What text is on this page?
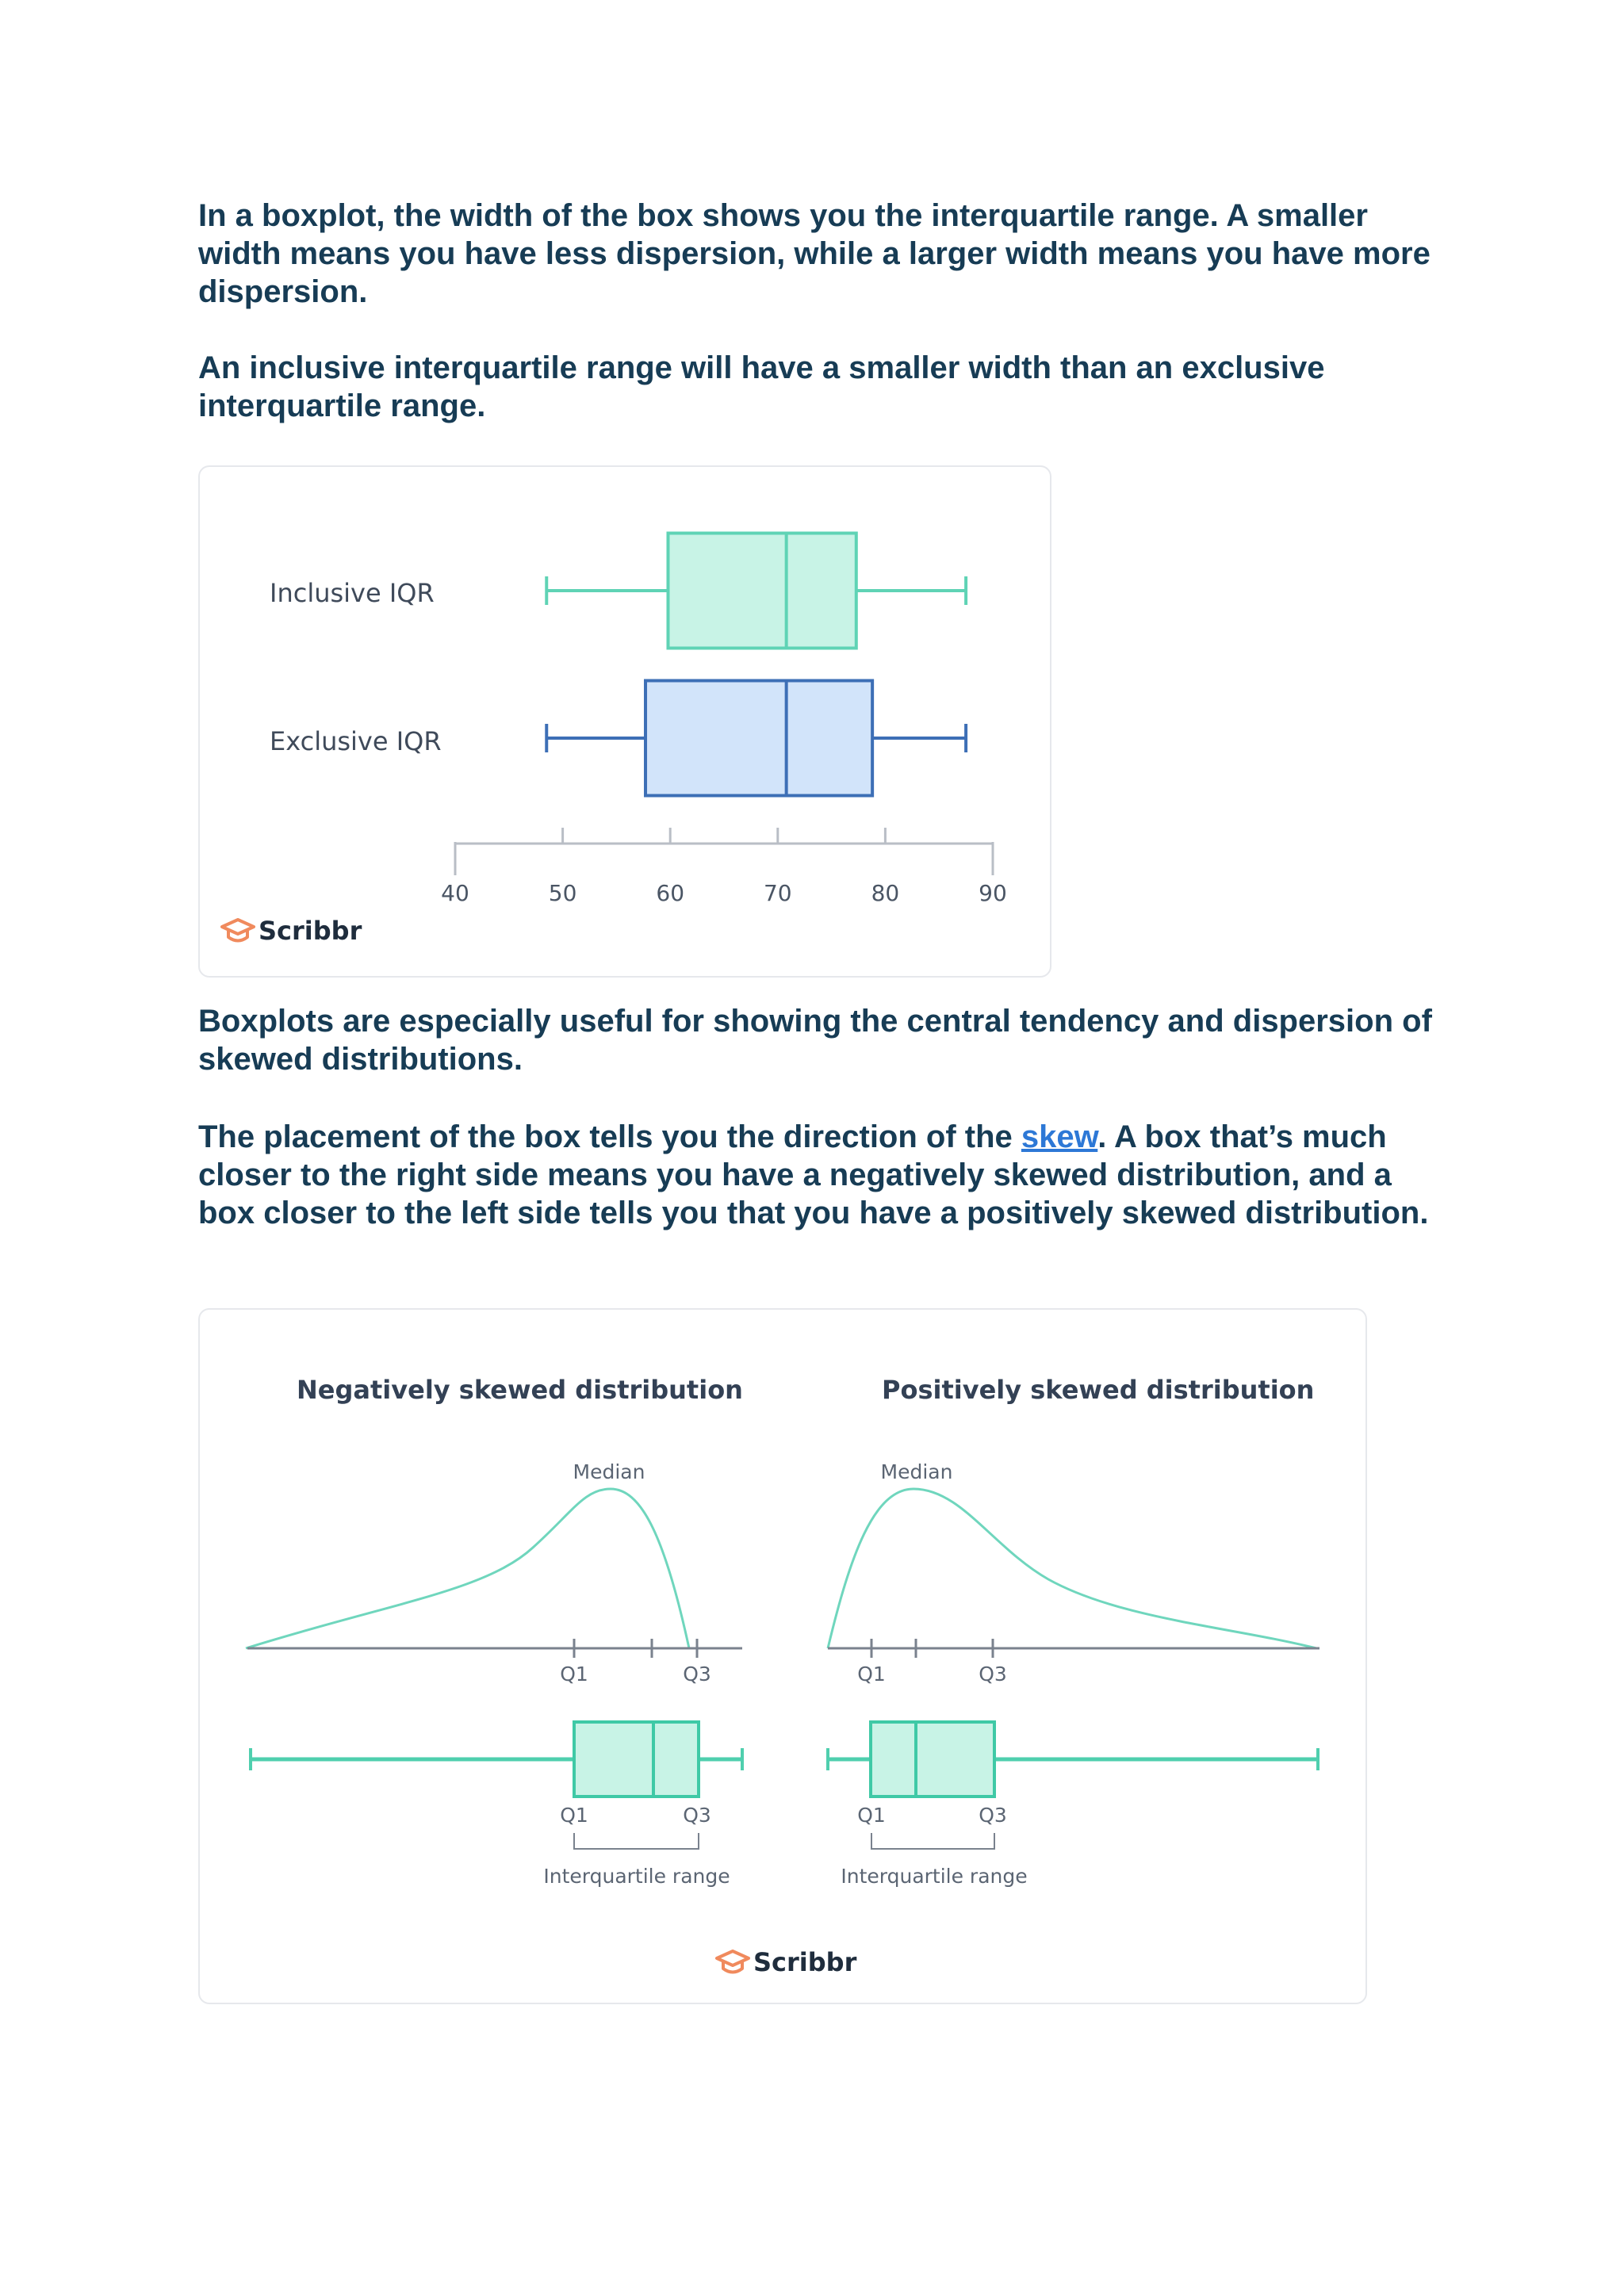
In a boxplot, the width of the box shows you the interquartile range. A smaller width means you have less dispersion, while a larger width means you have more dispersion.

An inclusive interquartile range will have a smaller width than an exclusive interquartile range.

Inclusive IQR
Exclusive IQR
40	50	60	70	80	90
Scribbr

Boxplots are especially useful for showing the central tendency and dispersion of skewed distributions.

The placement of the box tells you the direction of the skew. A box that’s much closer to the right side means you have a negatively skewed distribution, and a box closer to the left side tells you that you have a positively skewed distribution.

Negatively skewed distribution
Median
Q1	Q3
Q1	Q3
Interquartile range
Positively skewed distribution
Median
Q1	Q3
Q1	Q3
Interquartile range
Scribbr
